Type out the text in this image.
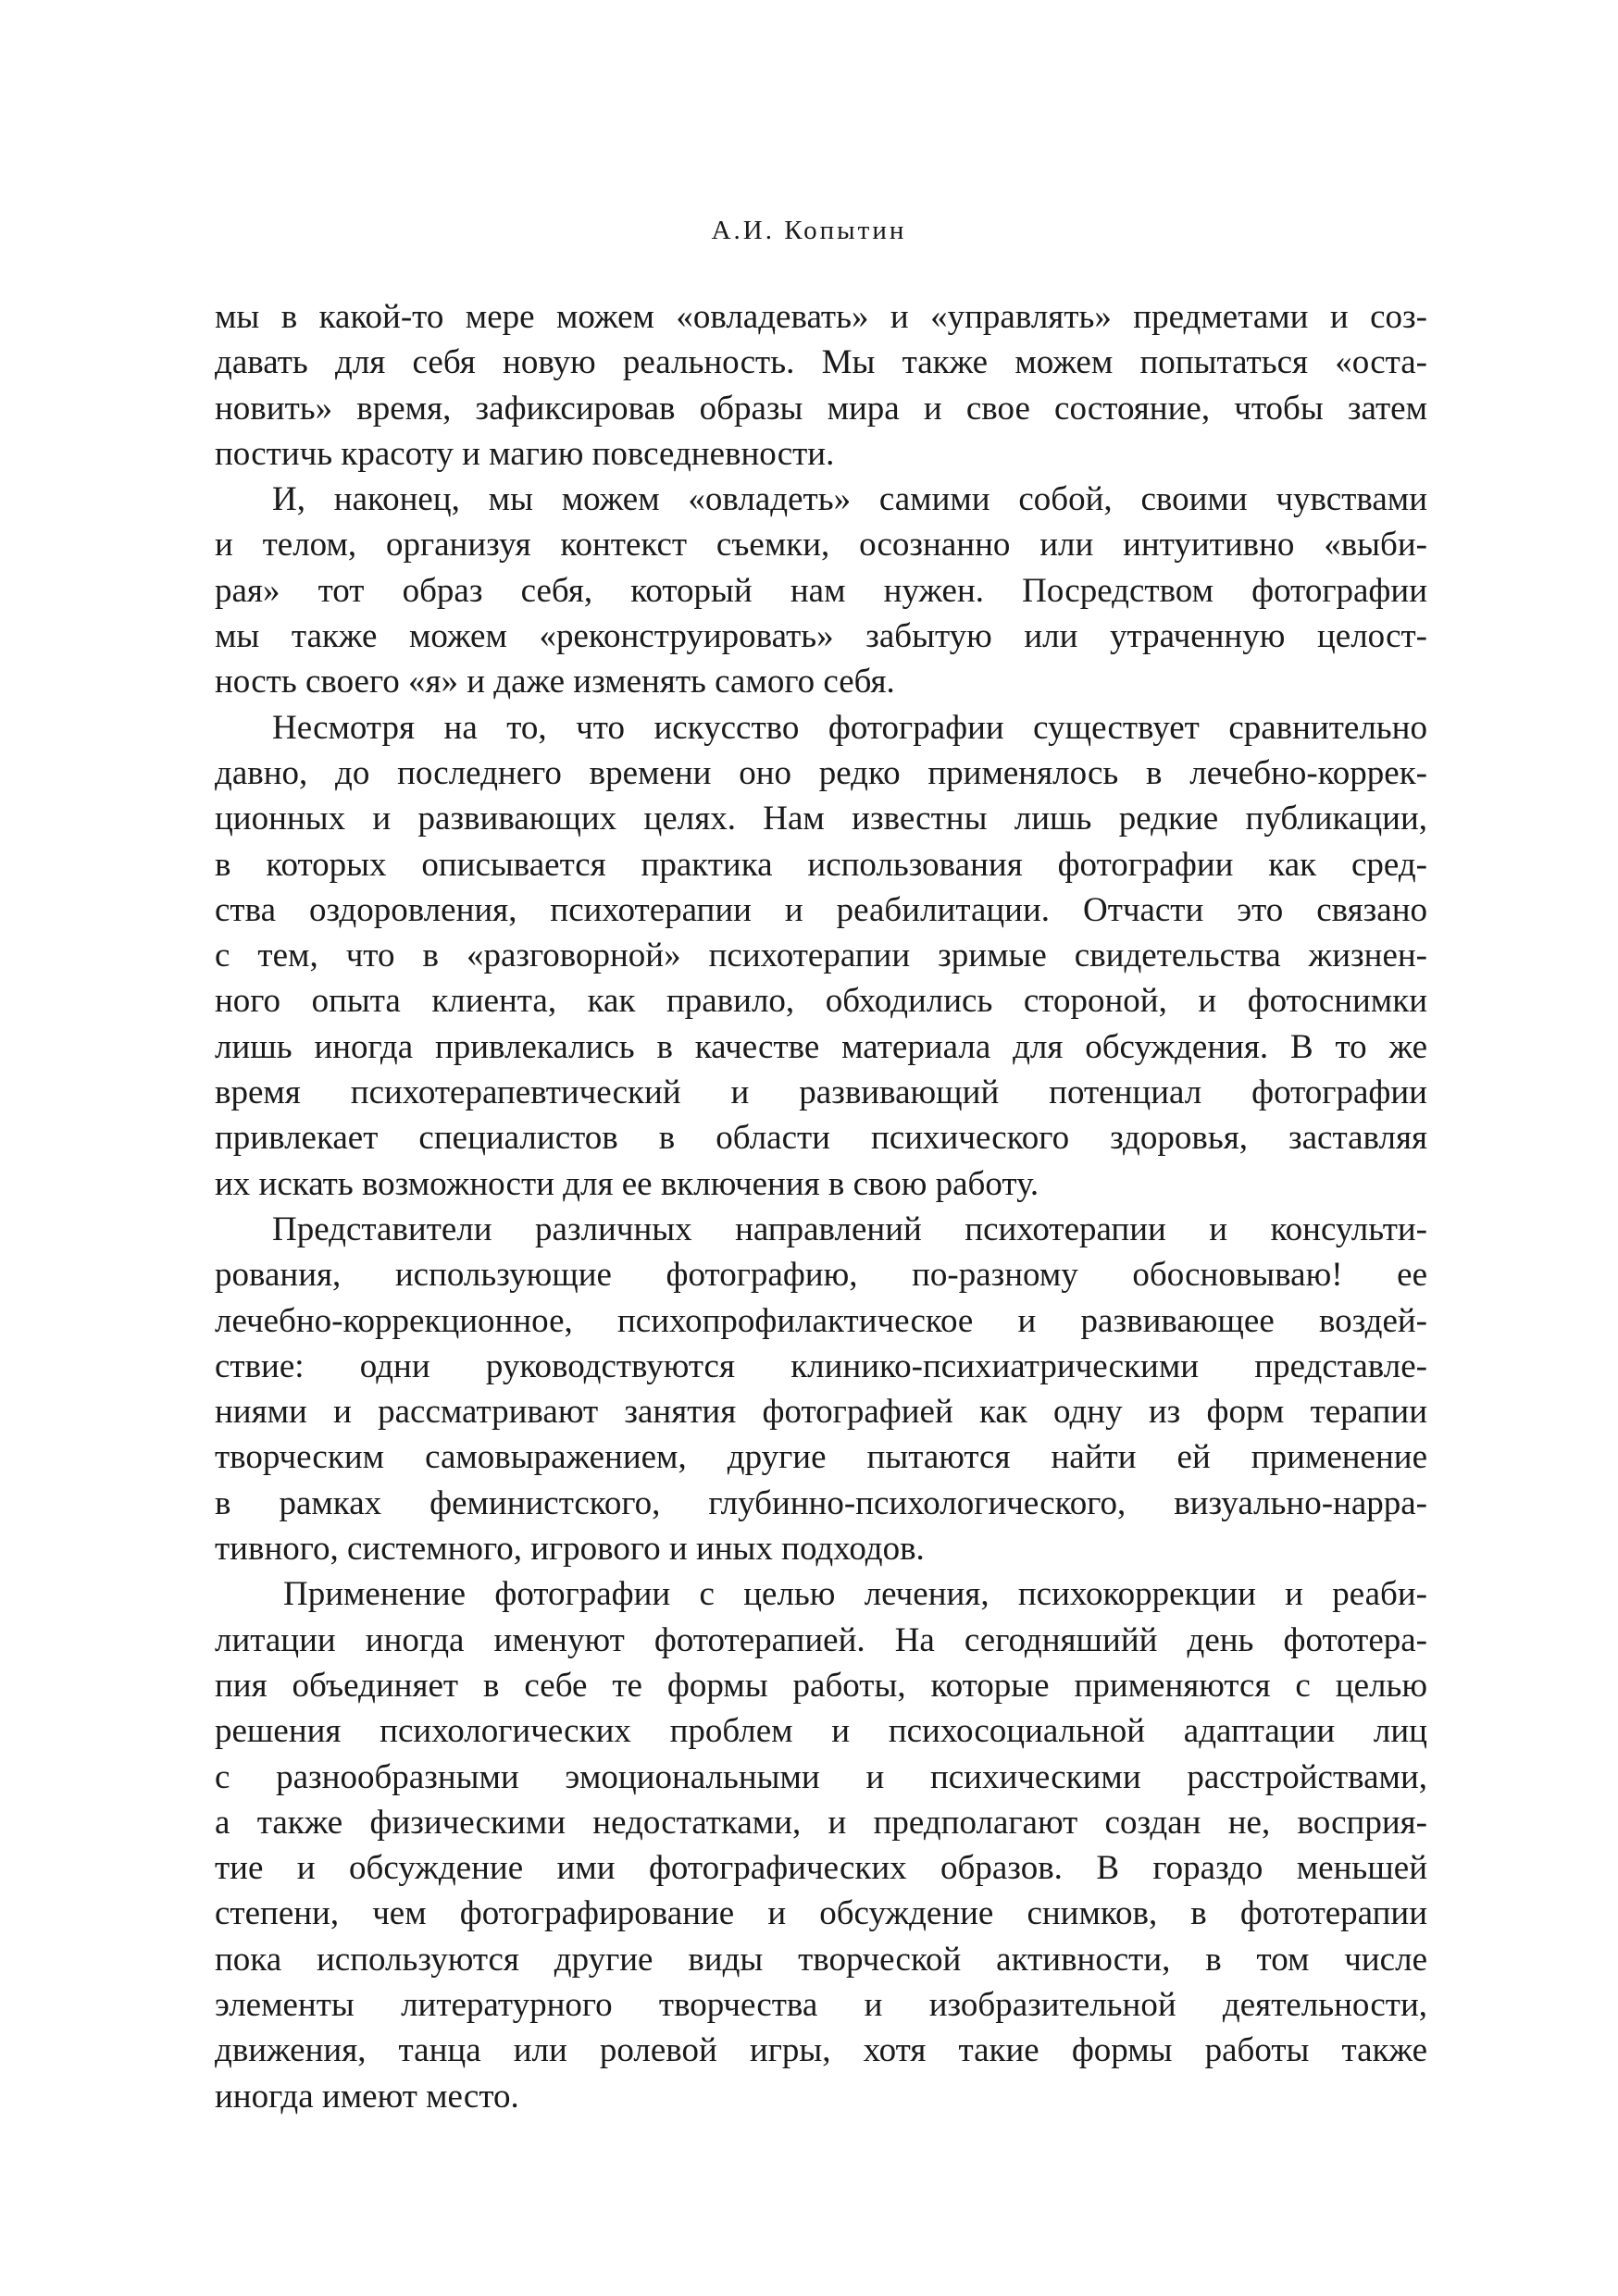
А.И. Копытин
мы в какой-то мере можем «овладевать» и «управлять» предметами и соз-
давать для себя новую реальность. Мы также можем попытаться «оста-
новить» время, зафиксировав образы мира и свое состояние, чтобы затем
постичь красоту и магию повседневности.
И, наконец, мы можем «овладеть» самими собой, своими чувствами
и телом, организуя контекст съемки, осознанно или интуитивно «выби-
рая» тот образ себя, который нам нужен. Посредством фотографии
мы также можем «реконструировать» забытую или утраченную целост-
ность своего «я» и даже изменять самого себя.
Несмотря на то, что искусство фотографии существует сравнительно
давно, до последнего времени оно редко применялось в лечебно-коррек-
ционных и развивающих целях. Нам известны лишь редкие публикации,
в которых описывается практика использования фотографии как сред-
ства оздоровления, психотерапии и реабилитации. Отчасти это связано
с тем, что в «разговорной» психотерапии зримые свидетельства жизнен-
ного опыта клиента, как правило, обходились стороной, и фотоснимки
лишь иногда привлекались в качестве материала для обсуждения. В то же
время психотерапевтический и развивающий потенциал фотографии
привлекает специалистов в области психического здоровья, заставляя
их искать возможности для ее включения в свою работу.
Представители различных направлений психотерапии и консульти-
рования, использующие фотографию, по-разному обосновываю! ее
лечебно-коррекционное, психопрофилактическое и развивающее воздей-
ствие: одни руководствуются клинико-психиатрическими представле-
ниями и рассматривают занятия фотографией как одну из форм терапии
творческим самовыражением, другие пытаются найти ей применение
в рамках феминистского, глубинно-психологического, визуально-нарра-
тивного, системного, игрового и иных подходов.
Применение фотографии с целью лечения, психокоррекции и реаби-
литации иногда именуют фототерапией. На сегодняшийй день фототера-
пия объединяет в себе те формы работы, которые применяются с целью
решения психологических проблем и психосоциальной адаптации лиц
с разнообразными эмоциональными и психическими расстройствами,
а также физическими недостатками, и предполагают создан не, восприя-
тие и обсуждение ими фотографических образов. В гораздо меньшей
степени, чем фотографирование и обсуждение снимков, в фототерапии
пока используются другие виды творческой активности, в том числе
элементы литературного творчества и изобразительной деятельности,
движения, танца или ролевой игры, хотя такие формы работы также
иногда имеют место.
